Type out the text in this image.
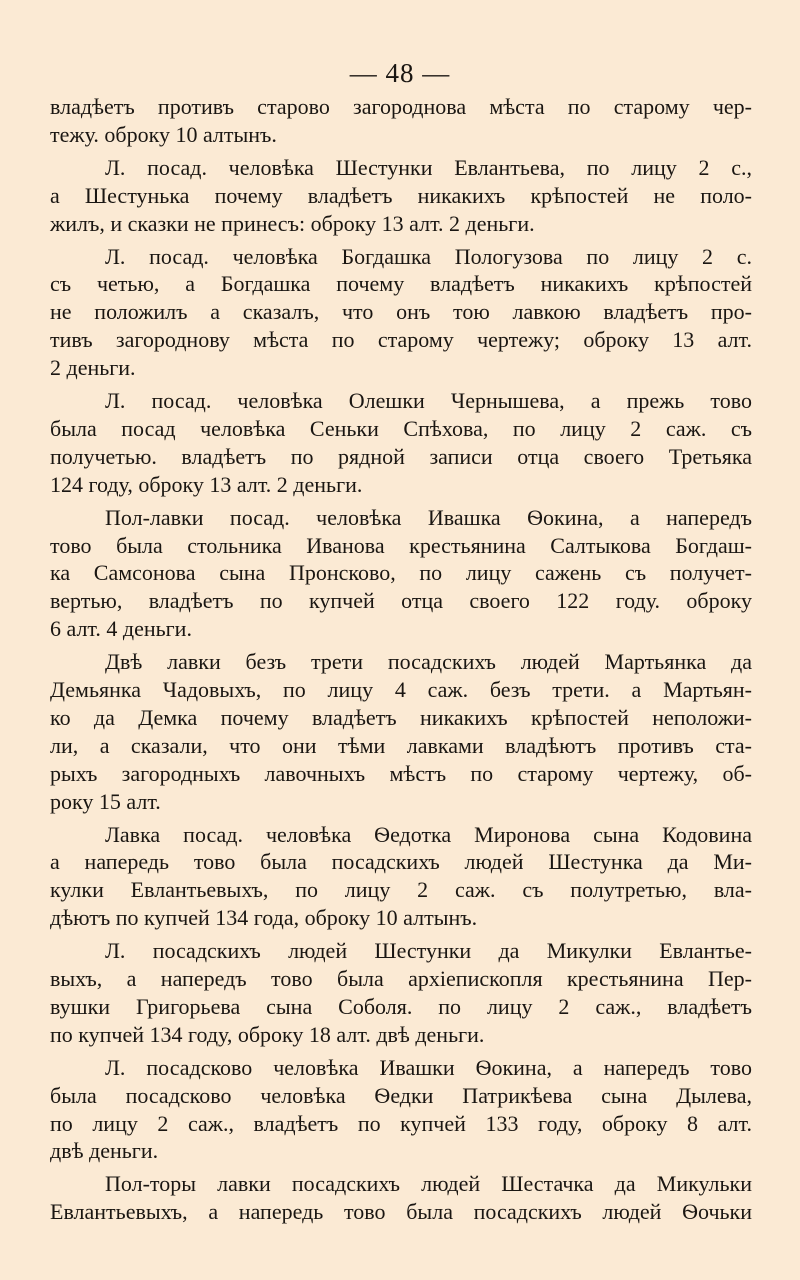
— 48 —
владѣетъ противъ старово загороднова мѣста по старому чер-
тежу. оброку 10 алтынъ.
Л. посад. человѣка Шестунки Евлантьева, по лицу 2 с.,
а Шестунька почему владѣетъ никакихъ крѣпостей не поло-
жилъ, и сказки не принесъ: оброку 13 алт. 2 деньги.
Л. посад. человѣка Богдашка Пологузова по лицу 2 с.
съ четью, а Богдашка почему владѣетъ никакихъ крѣпостей
не положилъ а сказалъ, что онъ тою лавкою владѣетъ про-
тивъ загороднову мѣста по старому чертежу; оброку 13 алт.
2 деньги.
Л. посад. человѣка Олешки Чернышева, а прежь тово
была посад человѣка Сеньки Спѣхова, по лицу 2 саж. съ
получетью. владѣетъ по рядной записи отца своего Третьяка
124 году, оброку 13 алт. 2 деньги.
Пол-лавки посад. человѣка Ивашка Ѳокина, а напередъ
тово была стольника Иванова крестьянина Салтыкова Богдаш-
ка Самсонова сына Пронсково, по лицу сажень съ получет-
вертью, владѣетъ по купчей отца своего 122 году. оброку
6 алт. 4 деньги.
Двѣ лавки безъ трети посадскихъ людей Мартьянка да
Демьянка Чадовыхъ, по лицу 4 саж. безъ трети. а Мартьян-
ко да Демка почему владѣетъ никакихъ крѣпостей неположи-
ли, а сказали, что они тѣми лавками владѣютъ противъ ста-
рыхъ загородныхъ лавочныхъ мѣстъ по старому чертежу, об-
року 15 алт.
Лавка посад. человѣка Ѳедотка Миронова сына Кодовина
а напередь тово была посадскихъ людей Шестунка да Ми-
кулки Евлантьевыхъ, по лицу 2 саж. съ полутретью, вла-
дѣютъ по купчей 134 года, оброку 10 алтынъ.
Л. посадскихъ людей Шестунки да Микулки Евлантье-
выхъ, а напередъ тово была архіепископля крестьянина Пер-
вушки Григорьева сына Соболя. по лицу 2 саж., владѣетъ
по купчей 134 году, оброку 18 алт. двѣ деньги.
Л. посадсково человѣка Ивашки Ѳокина, а напередъ тово
была посадсково человѣка Ѳедки Патрикѣева сына Дылева,
по лицу 2 саж., владѣетъ по купчей 133 году, оброку 8 алт.
двѣ деньги.
Пол-торы лавки посадскихъ людей Шестачка да Микульки
Евлантьевыхъ, а напередь тово была посадскихъ людей Ѳочьки
